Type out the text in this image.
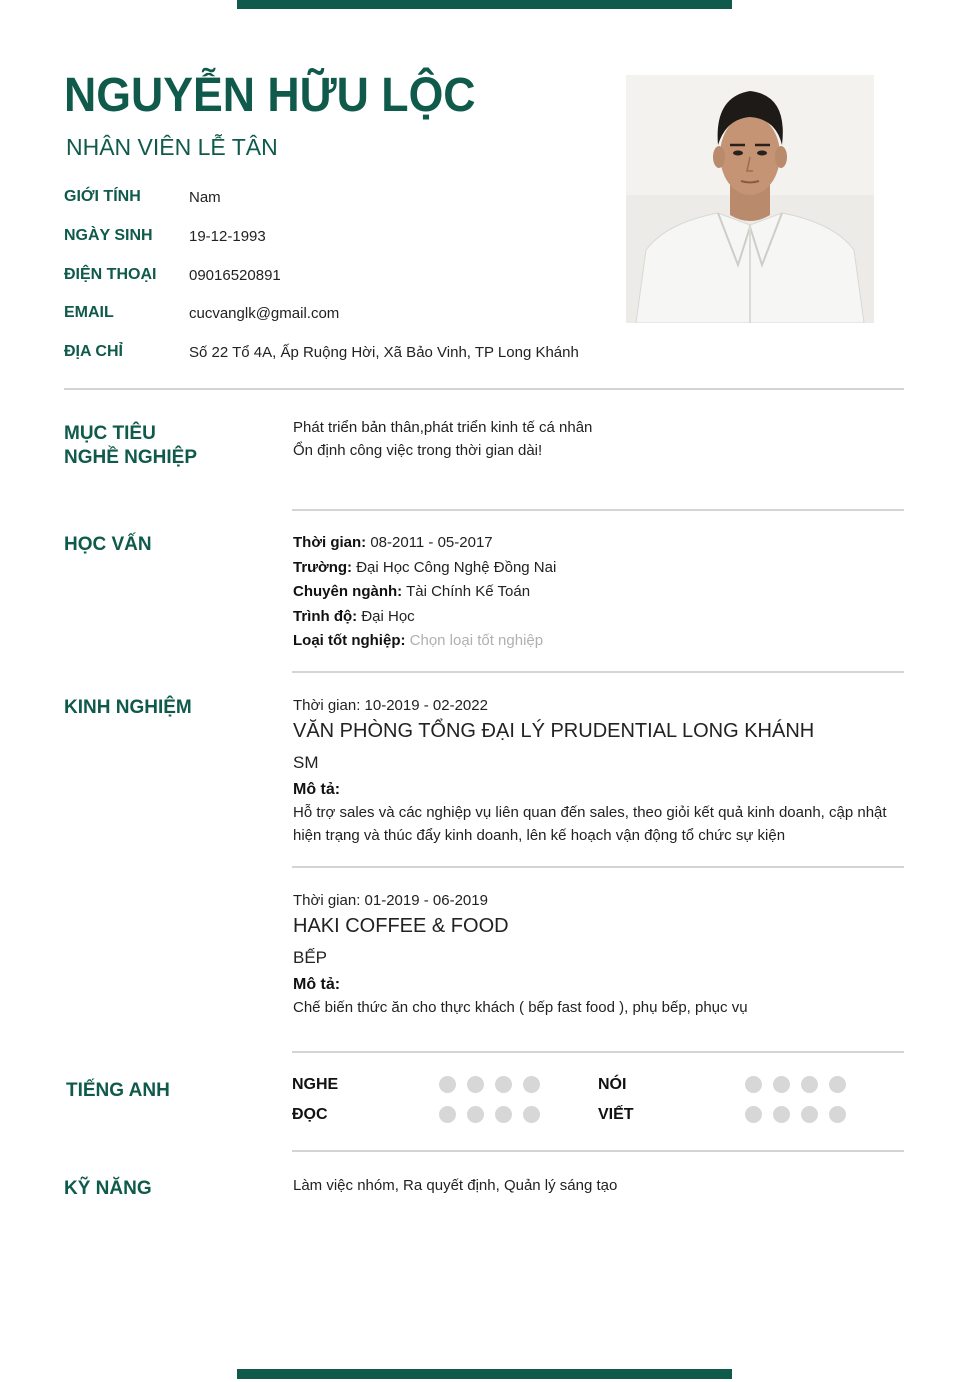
NGUYỄN HỮU LỘC
NHÂN VIÊN LỄ TÂN
GIỚI TÍNH	Nam
NGÀY SINH 19-12-1993
ĐIỆN THOẠI 09016520891
EMAIL	cucvanglk@gmail.com
ĐỊA CHỈ	Số 22 Tổ 4A, Ấp Ruộng Hời, Xã Bảo Vinh, TP Long Khánh
MỤC TIÊU
NGHỀ NGHIỆP
Phát triển bản thân,phát triển kinh tế cá nhân
Ổn định công việc trong thời gian dài!
HỌC VẤN	Thời gian: 08-2011 - 05-2017
Trường: Đại Học Công Nghệ Đồng Nai
Chuyên ngành: Tài Chính Kế Toán
Trình độ: Đại Học
Loại tốt nghiệp: Chọn loại tốt nghiệp
KINH NGHIỆM	Thời gian: 10-2019 - 02-2022
VĂN PHÒNG TỔNG ĐẠI LÝ PRUDENTIAL LONG KHÁNH
SM
Mô tả:
Hỗ trợ sales và các nghiệp vụ liên quan đến sales, theo giỏi kết quả kinh doanh, cập nhật hiện trạng và thúc đẩy kinh doanh, lên kế hoạch vận động tổ chức sự kiện
Thời gian: 01-2019 - 06-2019
HAKI COFFEE & FOOD
BẾP
Mô tả:
Chế biến thức ăn cho thực khách ( bếp fast food ), phụ bếp, phục vụ
TIẾNG ANH	NGHE	NÓI
ĐỌC	VIẾT
KỸ NĂNG	Làm việc nhóm, Ra quyết định, Quản lý sáng tạo
